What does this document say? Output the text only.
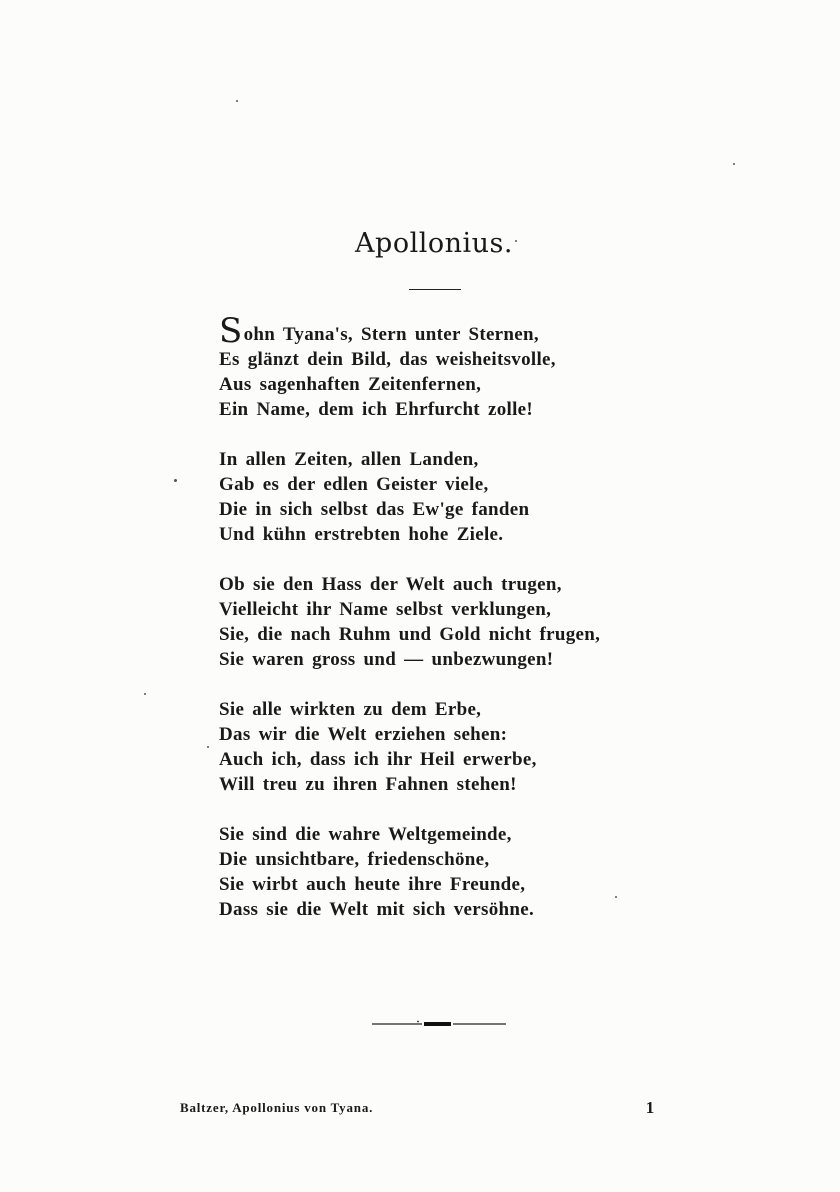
Apollonius.
Sohn Tyana's, Stern unter Sternen,
Es glänzt dein Bild, das weisheitsvolle,
Aus sagenhaften Zeitenfernen,
Ein Name, dem ich Ehrfurcht zolle!
In allen Zeiten, allen Landen,
Gab es der edlen Geister viele,
Die in sich selbst das Ew'ge fanden
Und kühn erstrebten hohe Ziele.
Ob sie den Hass der Welt auch trugen,
Vielleicht ihr Name selbst verklungen,
Sie, die nach Ruhm und Gold nicht frugen,
Sie waren gross und — unbezwungen!
Sie alle wirkten zu dem Erbe,
Das wir die Welt erziehen sehen:
Auch ich, dass ich ihr Heil erwerbe,
Will treu zu ihren Fahnen stehen!
Sie sind die wahre Weltgemeinde,
Die unsichtbare, friedenschöne,
Sie wirbt auch heute ihre Freunde,
Dass sie die Welt mit sich versöhne.
Baltzer, Apollonius von Tyana.	1
